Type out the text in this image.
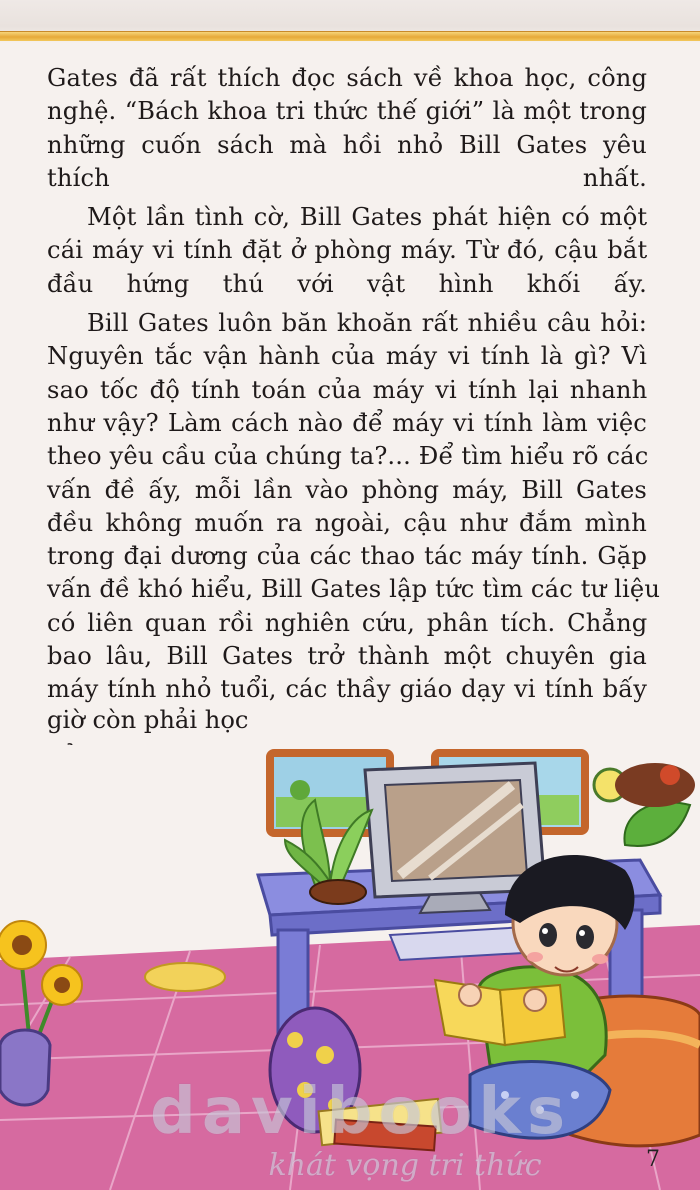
Gates đã rất thích đọc sách về khoa học, công
nghệ. “Bách khoa tri thức thế giới” là một trong
những cuốn sách mà hồi nhỏ Bill Gates yêu
thích nhất.

Một lần tình cờ, Bill Gates phát hiện có một
cái máy vi tính đặt ở phòng máy. Từ đó, cậu bắt
đầu hứng thú với vật hình khối ấy.

Bill Gates luôn băn khoăn rất nhiều câu hỏi:
Nguyên tắc vận hành của máy vi tính là gì? Vì
sao tốc độ tính toán của máy vi tính lại nhanh
như vậy? Làm cách nào để máy vi tính làm việc
theo yêu cầu của chúng ta?... Để tìm hiểu rõ các
vấn đề ấy, mỗi lần vào phòng máy, Bill Gates
đều không muốn ra ngoài, cậu như đắm mình
trong đại dương của các thao tác máy tính. Gặp
vấn đề khó hiểu, Bill Gates lập tức tìm các tư liệu
có liên quan rồi nghiên cứu, phân tích. Chẳng
bao lâu, Bill Gates trở thành một chuyên gia
máy tính nhỏ tuổi, các thầy giáo dạy vi tính bấy

giờ còn phải học
davibooks
khát vọng tri thức	7
